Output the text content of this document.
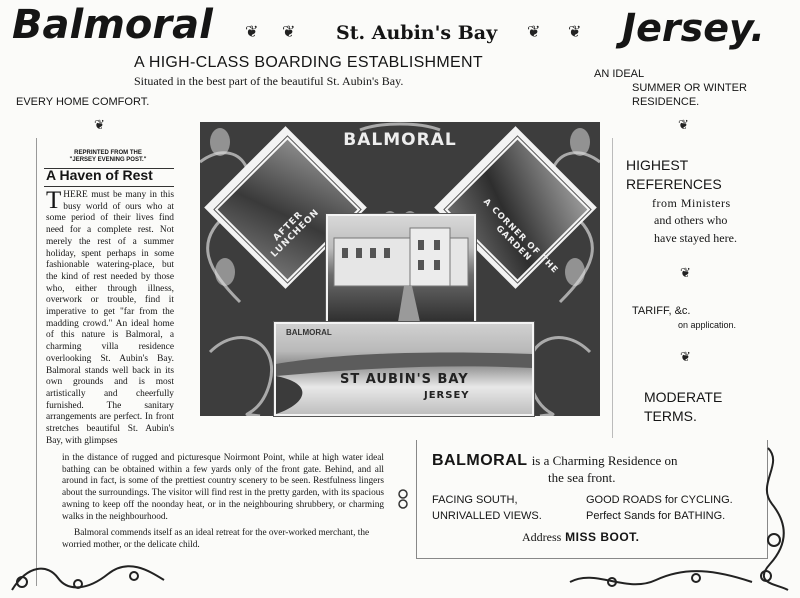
Balmoral ❦ ❦ St. Aubin's Bay ❦ ❦ Jersey.
A HIGH-CLASS BOARDING ESTABLISHMENT
Situated in the best part of the beautiful St. Aubin's Bay.
EVERY HOME COMFORT.
AN IDEAL
SUMMER OR WINTER
RESIDENCE.
❦	❦
REPRINTED FROM THE
"JERSEY EVENING POST."
A Haven of Rest

THERE must be many in this busy world of ours who at some period of their lives find need for a complete rest. Not merely the rest of a summer holiday, spent perhaps in some fashionable watering-place, but the kind of rest needed by those who, either through illness, overwork or trouble, find it imperative to get "far from the madding crowd." An ideal home of this nature is Balmoral, a charming villa residence overlooking St. Aubin's Bay. Balmoral stands well back in its own grounds and is most artistically and cheerfully furnished. The sanitary arrangements are perfect. In front stretches beautiful St. Aubin's Bay, with glimpses

in the distance of rugged and picturesque Noirmont Point, while at high water ideal bathing can be obtained within a few yards only of the front gate. Behind, and all around in fact, is some of the prettiest country scenery to be seen. Restfulness lingers about the surroundings. The visitor will find rest in the pretty garden, with its spacious awning to keep off the noonday heat, or in the neighbouring shrubbery, or charming walks in the neighbourhood.
Balmoral commends itself as an ideal retreat for the over-worked merchant, the worried mother, or the delicate child.
BALMORAL
AFTER LUNCHEON	A CORNER OF THE GARDEN
BALMORAL
ST AUBIN'S BAY
JERSEY
HIGHEST
REFERENCES
from Ministers
and others who
have stayed here.
❦
TARIFF, &c.
on application.
❦
MODERATE
TERMS.
BALMORAL is a Charming Residence on
the sea front.
FACING SOUTH,
UNRIVALLED VIEWS.
GOOD ROADS for CYCLING.
Perfect Sands for BATHING.
Address MISS BOOT.
